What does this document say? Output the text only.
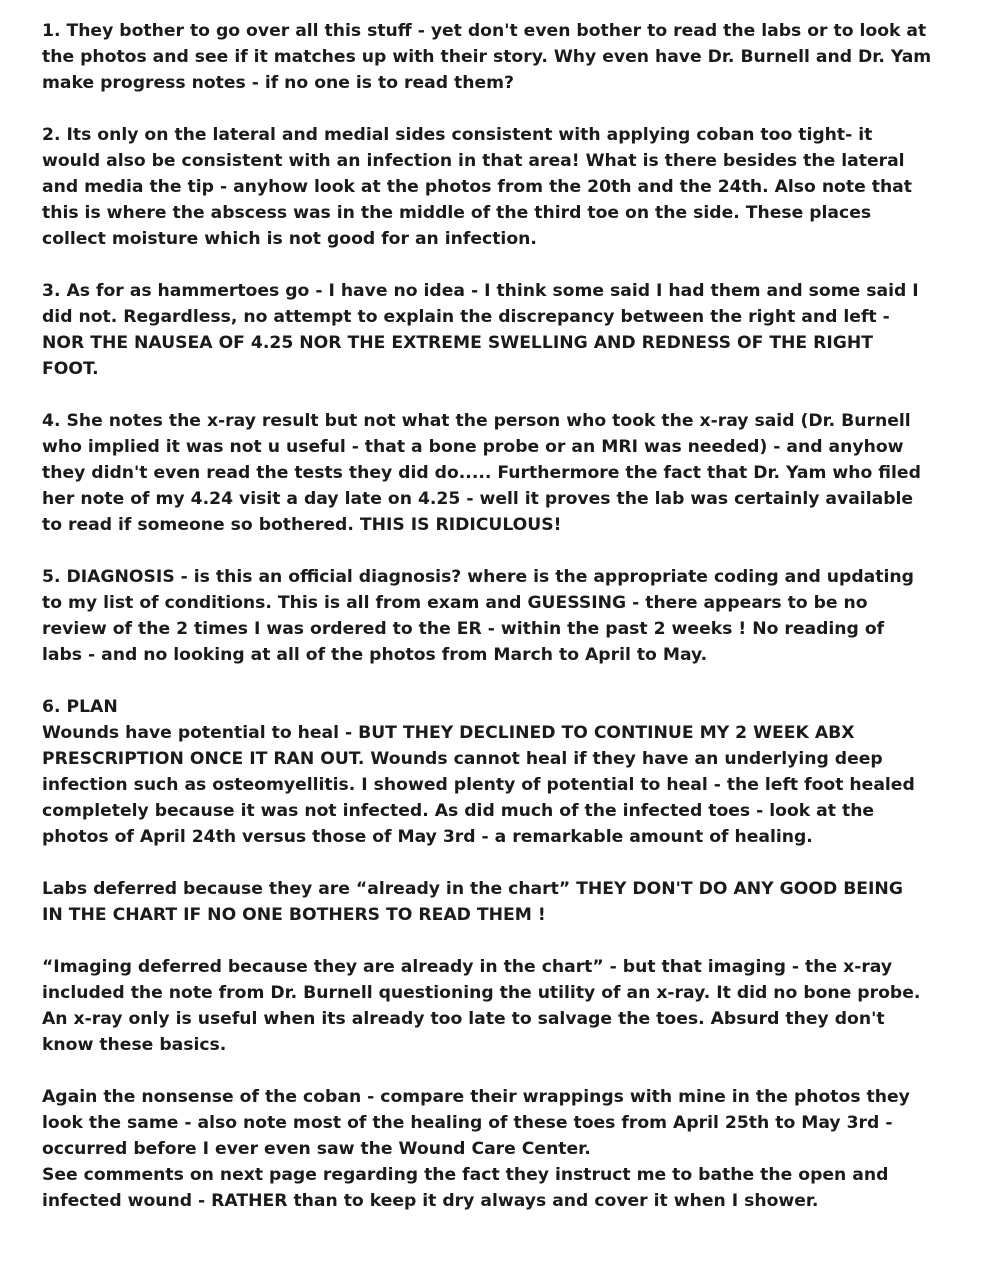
1. They bother to go over all this stuff - yet don't even bother to read the labs or to look at
the photos and see if it matches up with their story. Why even have Dr. Burnell and Dr. Yam
make progress notes - if no one is to read them?

2. Its only on the lateral and medial sides consistent with applying coban too tight- it
would also be consistent with an infection in that area! What is there besides the lateral
and media the tip - anyhow look at the photos from the 20th and the 24th. Also note that
this is where the abscess was in the middle of the third toe on the side. These places
collect moisture which is not good for an infection.

3. As for as hammertoes go - I have no idea - I think some said I had them and some said I
did not. Regardless, no attempt to explain the discrepancy between the right and left -
NOR THE NAUSEA OF 4.25 NOR THE EXTREME SWELLING AND REDNESS OF THE RIGHT
FOOT.

4. She notes the x-ray result but not what the person who took the x-ray said (Dr. Burnell
who implied it was not u useful - that a bone probe or an MRI was needed) - and anyhow
they didn't even read the tests they did do..... Furthermore the fact that Dr. Yam who filed
her note of my 4.24 visit a day late on 4.25 - well it proves the lab was certainly available
to read if someone so bothered. THIS IS RIDICULOUS!

5. DIAGNOSIS - is this an official diagnosis? where is the appropriate coding and updating
to my list of conditions. This is all from exam and GUESSING - there appears to be no
review of the 2 times I was ordered to the ER - within the past 2 weeks ! No reading of
labs - and no looking at all of the photos from March to April to May.

6. PLAN
Wounds have potential to heal - BUT THEY DECLINED TO CONTINUE MY 2 WEEK ABX
PRESCRIPTION ONCE IT RAN OUT. Wounds cannot heal if they have an underlying deep
infection such as osteomyellitis. I showed plenty of potential to heal - the left foot healed
completely because it was not infected. As did much of the infected toes - look at the
photos of April 24th versus those of May 3rd - a remarkable amount of healing.

Labs deferred because they are “already in the chart” THEY DON'T DO ANY GOOD BEING
IN THE CHART IF NO ONE BOTHERS TO READ THEM !

“Imaging deferred because they are already in the chart” - but that imaging - the x-ray
included the note from Dr. Burnell questioning the utility of an x-ray. It did no bone probe.
An x-ray only is useful when its already too late to salvage the toes. Absurd they don't
know these basics.

Again the nonsense of the coban - compare their wrappings with mine in the photos they
look the same - also note most of the healing of these toes from April 25th to May 3rd -
occurred before I ever even saw the Wound Care Center.
See comments on next page regarding the fact they instruct me to bathe the open and
infected wound - RATHER than to keep it dry always and cover it when I shower.
